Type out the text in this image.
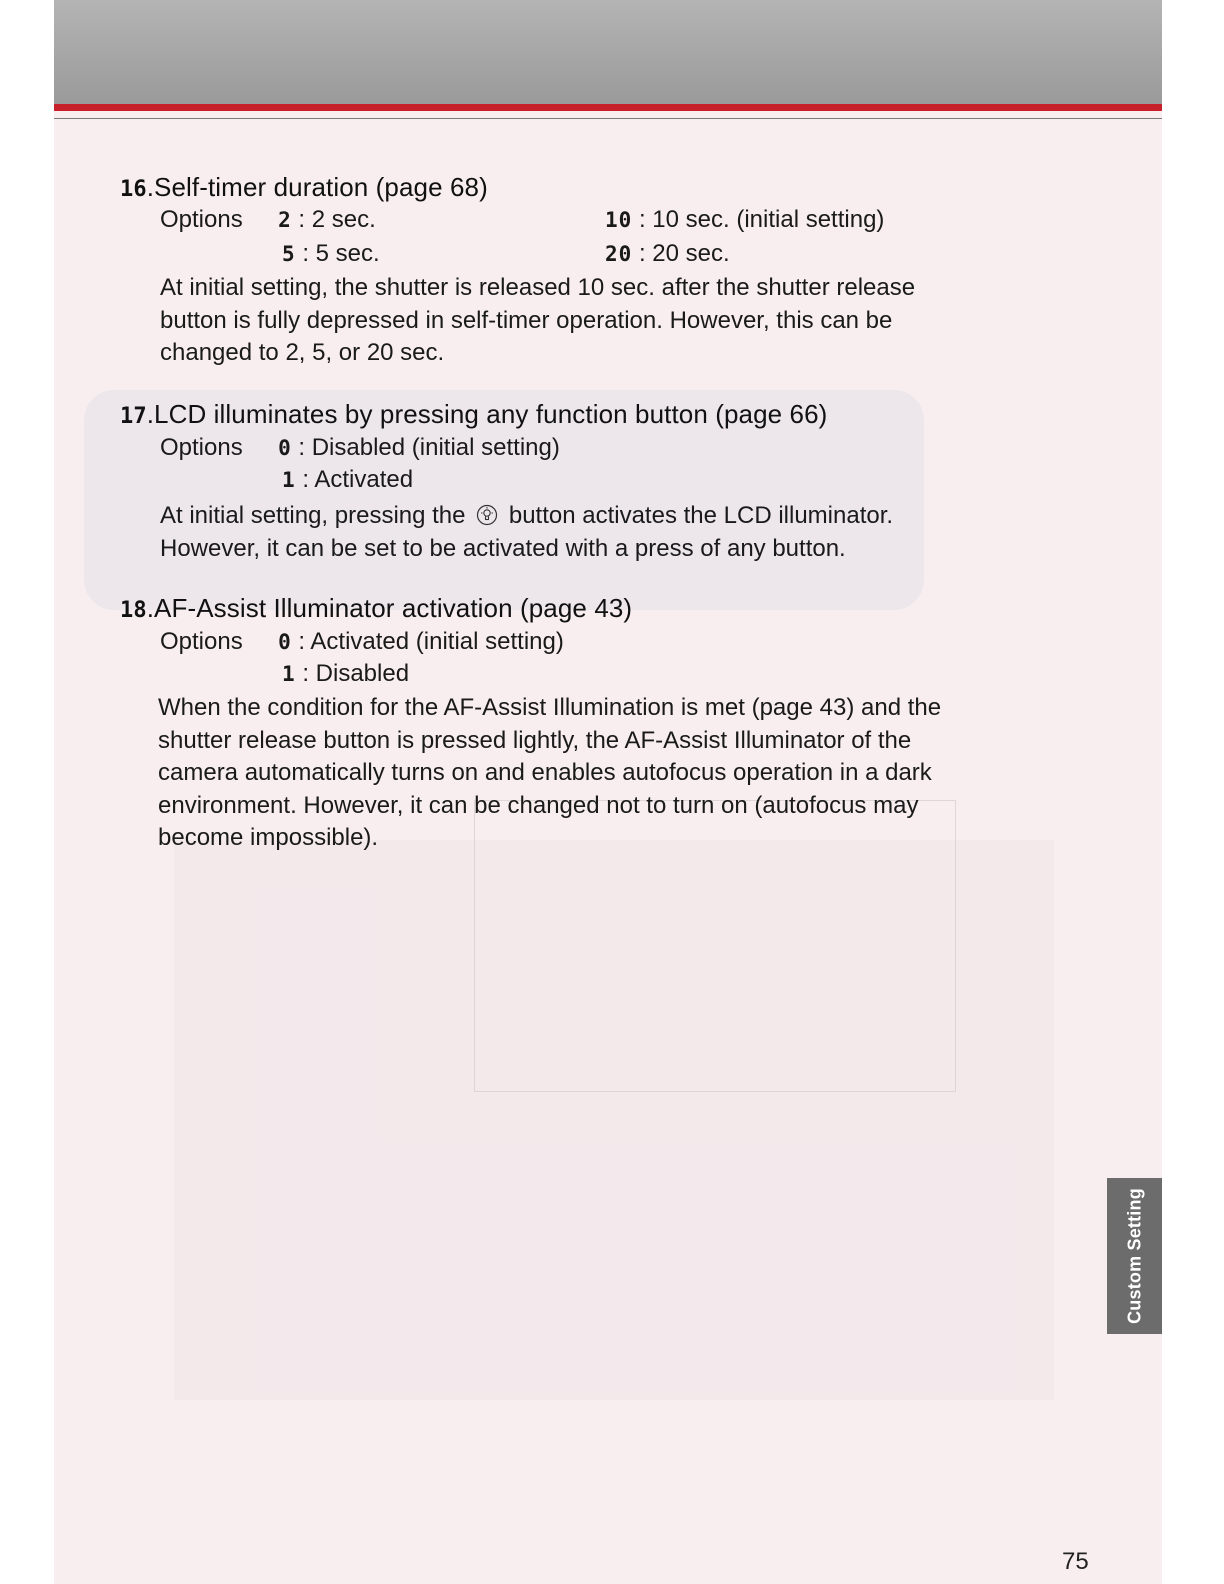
16.Self-timer duration (page 68)
Options 2 : 2 sec.	10 : 10 sec. (initial setting)
5 : 5 sec.	20 : 20 sec.
At initial setting, the shutter is released 10 sec. after the shutter release
button is fully depressed in self-timer operation. However, this can be
changed to 2, 5, or 20 sec.
17.LCD illuminates by pressing any function button (page 66)
Options 0 : Disabled (initial setting)
1 : Activated
At initial setting, pressing the button activates the LCD illuminator.
However, it can be set to be activated with a press of any button.
18.AF-Assist Illuminator activation (page 43)
Options 0 : Activated (initial setting)
1 : Disabled
When the condition for the AF-Assist Illumination is met (page 43) and the
shutter release button is pressed lightly, the AF-Assist Illuminator of the
camera automatically turns on and enables autofocus operation in a dark
environment. However, it can be changed not to turn on (autofocus may
become impossible).
Custom Setting
75
